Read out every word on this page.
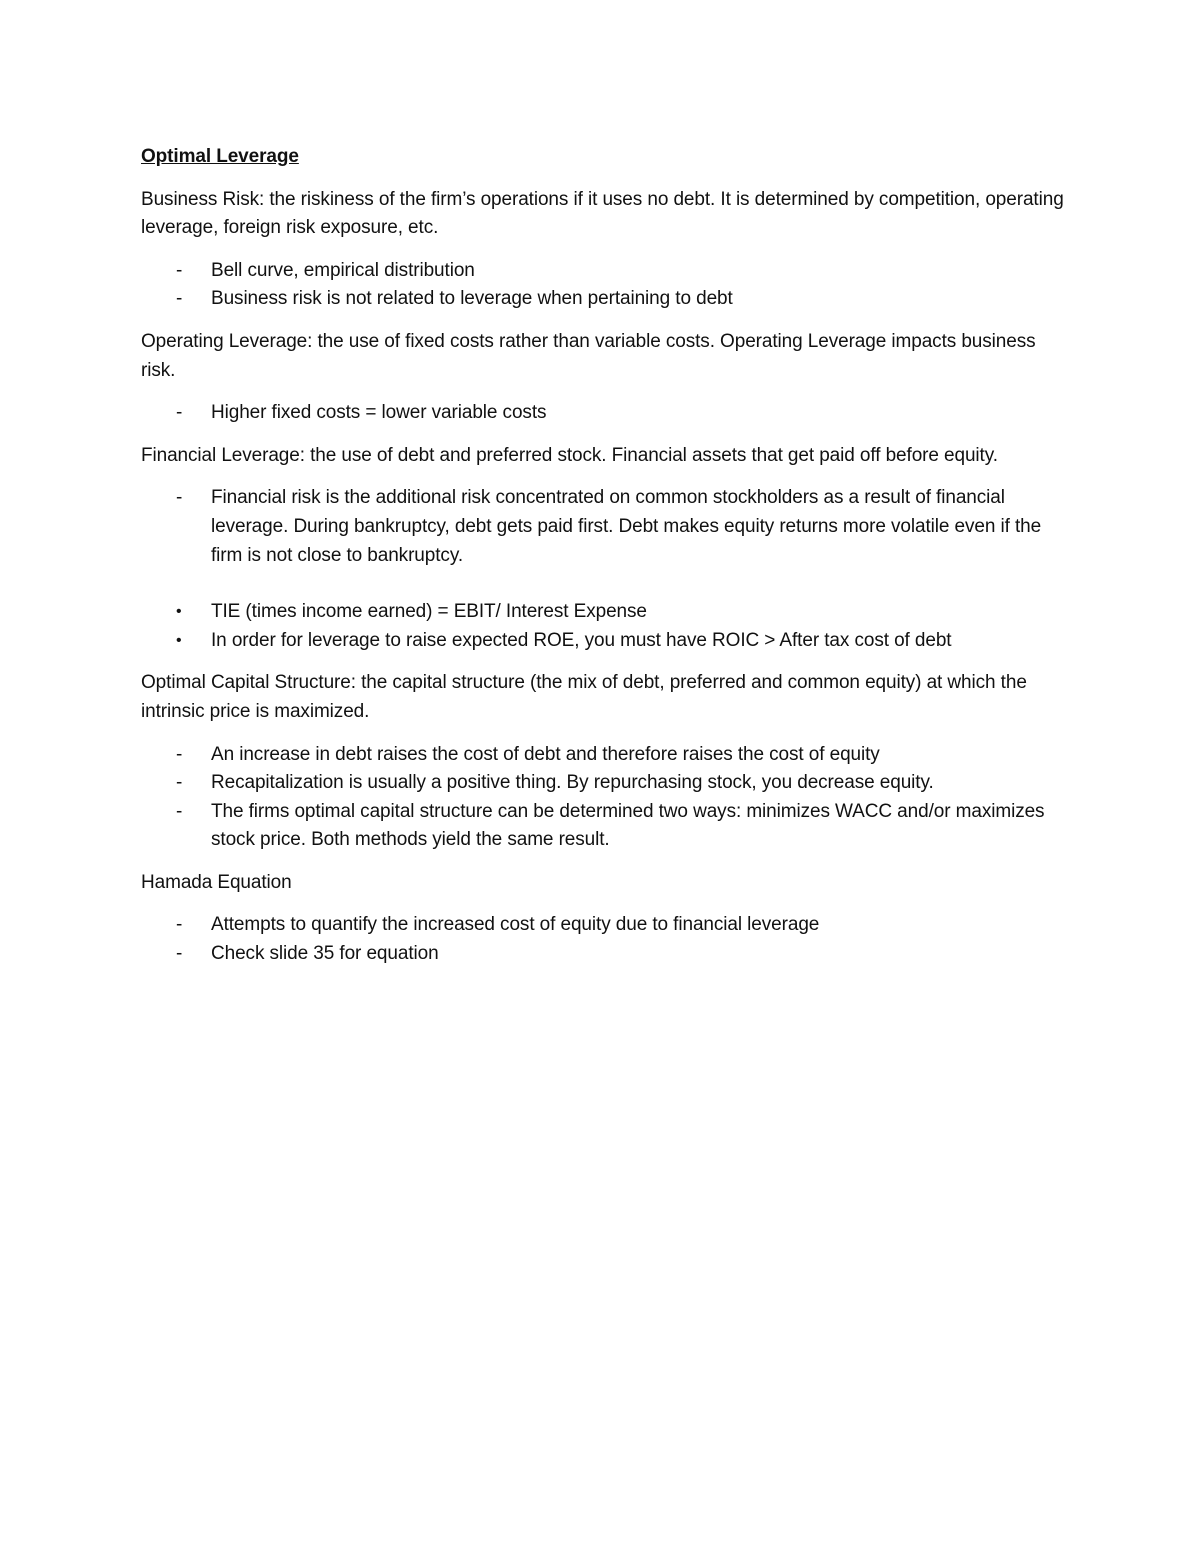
Optimal Leverage

Business Risk: the riskiness of the firm’s operations if it uses no debt. It is determined by competition, operating leverage, foreign risk exposure, etc.

- Bell curve, empirical distribution
- Business risk is not related to leverage when pertaining to debt

Operating Leverage: the use of fixed costs rather than variable costs. Operating Leverage impacts business risk.

- Higher fixed costs = lower variable costs

Financial Leverage: the use of debt and preferred stock. Financial assets that get paid off before equity.

- Financial risk is the additional risk concentrated on common stockholders as a result of financial leverage. During bankruptcy, debt gets paid first. Debt makes equity returns more volatile even if the firm is not close to bankruptcy.
• TIE (times income earned) = EBIT/ Interest Expense
• In order for leverage to raise expected ROE, you must have ROIC > After tax cost of debt

Optimal Capital Structure: the capital structure (the mix of debt, preferred and common equity) at which the intrinsic price is maximized.

- An increase in debt raises the cost of debt and therefore raises the cost of equity
- Recapitalization is usually a positive thing. By repurchasing stock, you decrease equity.
- The firms optimal capital structure can be determined two ways: minimizes WACC and/or maximizes stock price. Both methods yield the same result.

Hamada Equation

- Attempts to quantify the increased cost of equity due to financial leverage
- Check slide 35 for equation
